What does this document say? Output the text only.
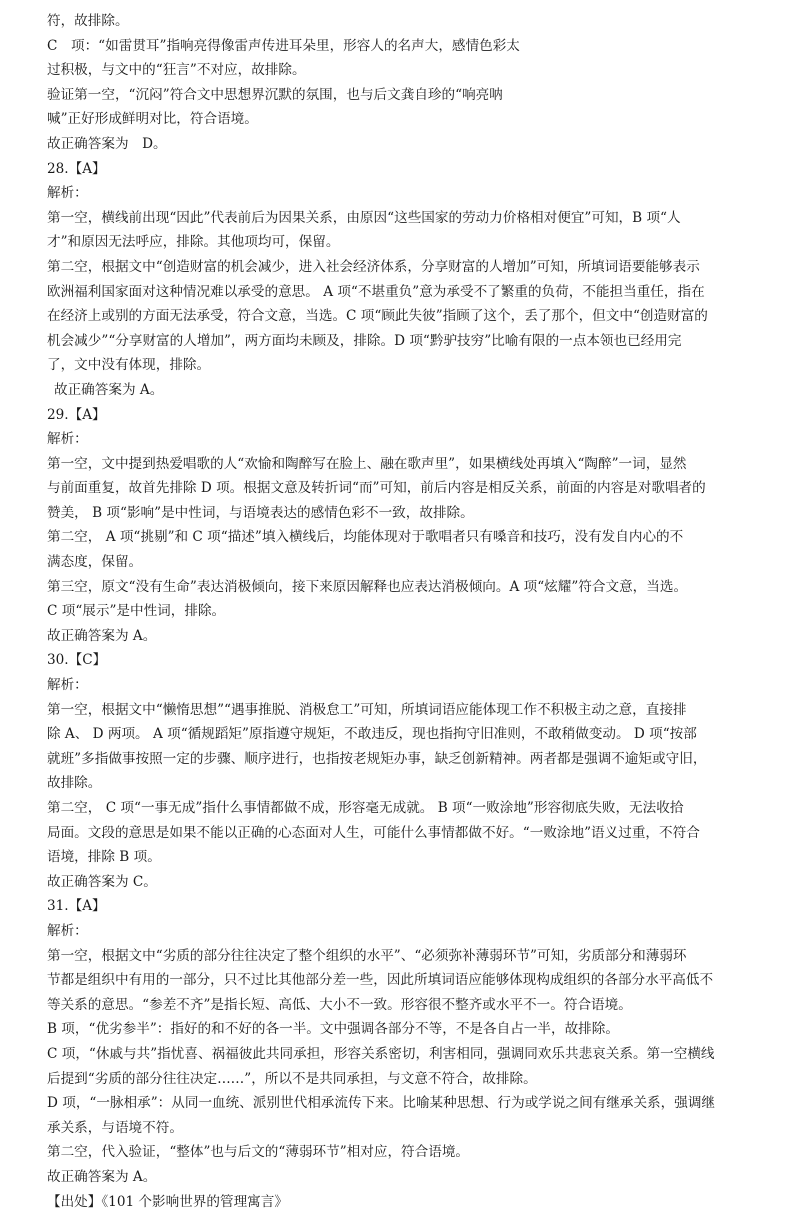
符，故排除。
C　项：“如雷贯耳”指响亮得像雷声传进耳朵里，形容人的名声大，感情色彩太
过积极，与文中的“狂言”不对应，故排除。
验证第一空，“沉闷”符合文中思想界沉默的氛围，也与后文龚自珍的“响亮呐
喊”正好形成鲜明对比，符合语境。
故正确答案为　D。
28.【A】
解析：
第一空，横线前出现“因此”代表前后为因果关系，由原因“这些国家的劳动力价格相对便宜”可知，B 项“人
才”和原因无法呼应，排除。其他项均可，保留。
第二空，根据文中“创造财富的机会减少，进入社会经济体系，分享财富的人增加”可知，所填词语要能够表示
欧洲福利国家面对这种情况难以承受的意思。 A 项“不堪重负”意为承受不了繁重的负荷，不能担当重任，指在
在经济上或别的方面无法承受，符合文意，当选。C 项“顾此失彼”指顾了这个，丢了那个，但文中“创造财富的
机会减少”“分享财富的人增加”，两方面均未顾及，排除。D 项“黔驴技穷”比喻有限的一点本领也已经用完
了，文中没有体现，排除。
故正确答案为 A。
29.【A】
解析：
第一空，文中提到热爱唱歌的人“欢愉和陶醉写在脸上、融在歌声里”，如果横线处再填入“陶醉”一词，显然
与前面重复，故首先排除 D 项。根据文意及转折词“而”可知，前后内容是相反关系，前面的内容是对歌唱者的
赞美， B 项“影响”是中性词，与语境表达的感情色彩不一致，故排除。
第二空， A 项“挑剔”和 C 项“描述”填入横线后，均能体现对于歌唱者只有嗓音和技巧，没有发自内心的不
满态度，保留。
第三空，原文“没有生命”表达消极倾向，接下来原因解释也应表达消极倾向。A 项“炫耀”符合文意，当选。
C 项“展示”是中性词，排除。
故正确答案为 A。
30.【C】
解析：
第一空，根据文中“懒惰思想”“遇事推脱、消极怠工”可知，所填词语应能体现工作不积极主动之意，直接排
除 A、 D 两项。 A 项“循规蹈矩”原指遵守规矩，不敢违反，现也指拘守旧准则，不敢稍做变动。 D 项“按部
就班”多指做事按照一定的步骤、顺序进行，也指按老规矩办事，缺乏创新精神。两者都是强调不逾矩或守旧，
故排除。
第二空， C 项“一事无成”指什么事情都做不成，形容毫无成就。 B 项“一败涂地”形容彻底失败，无法收拾
局面。文段的意思是如果不能以正确的心态面对人生，可能什么事情都做不好。“一败涂地”语义过重，不符合
语境，排除 B 项。
故正确答案为 C。
31.【A】
解析：
第一空，根据文中“劣质的部分往往决定了整个组织的水平”、“必须弥补薄弱环节”可知，劣质部分和薄弱环
节都是组织中有用的一部分，只不过比其他部分差一些，因此所填词语应能够体现构成组织的各部分水平高低不
等关系的意思。“参差不齐”是指长短、高低、大小不一致。形容很不整齐或水平不一。符合语境。
B 项，“优劣参半”：指好的和不好的各一半。文中强调各部分不等，不是各自占一半，故排除。
C 项，“休戚与共”指忧喜、祸福彼此共同承担，形容关系密切，利害相同，强调同欢乐共悲哀关系。第一空横线
后提到“劣质的部分往往决定……”，所以不是共同承担，与文意不符合，故排除。
D 项，“一脉相承”：从同一血统、派别世代相承流传下来。比喻某种思想、行为或学说之间有继承关系，强调继
承关系，与语境不符。
第二空，代入验证，“整体”也与后文的“薄弱环节”相对应，符合语境。
故正确答案为 A。
【出处】《101 个影响世界的管理寓言》
